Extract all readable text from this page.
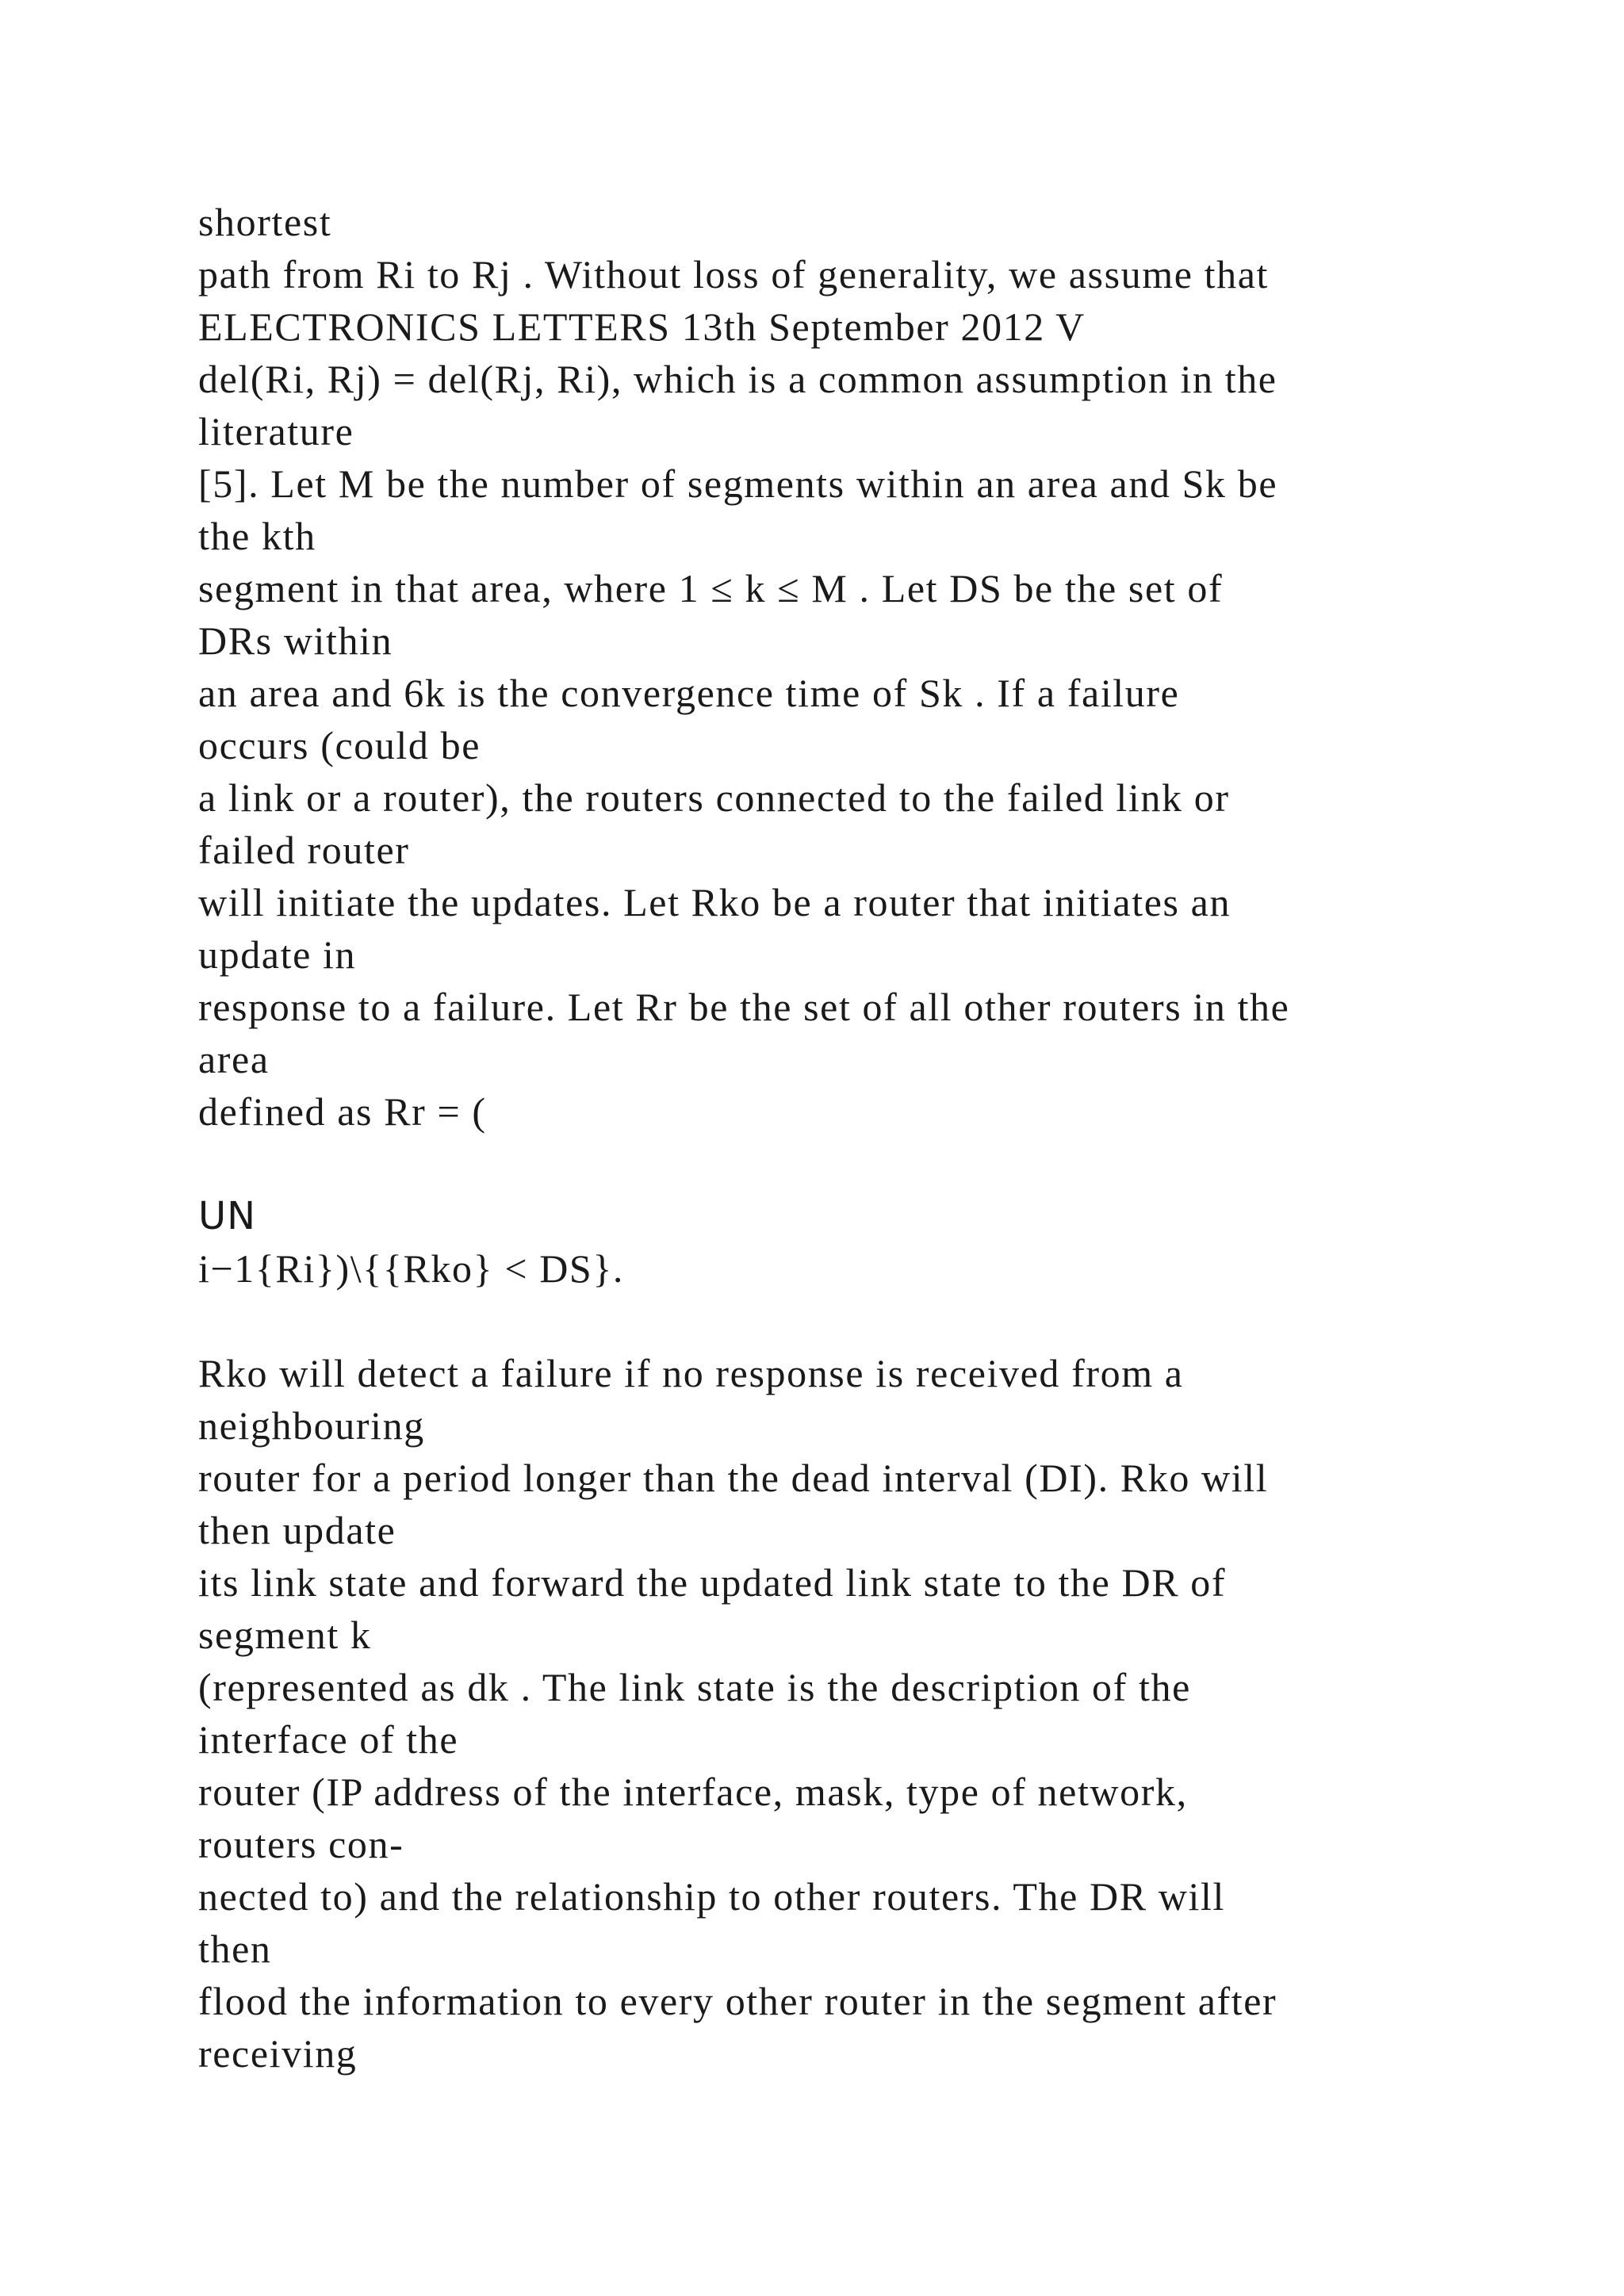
shortest
path from Ri to Rj . Without loss of generality, we assume that
ELECTRONICS LETTERS 13th September 2012 V
del(Ri, Rj) = del(Rj, Ri), which is a common assumption in the
literature
[5]. Let M be the number of segments within an area and Sk be
the kth
segment in that area, where 1 ≤ k ≤ M . Let DS be the set of
DRs within
an area and 6k is the convergence time of Sk . If a failure
occurs (could be
a link or a router), the routers connected to the failed link or
failed router
will initiate the updates. Let Rko be a router that initiates an
update in
response to a failure. Let Rr be the set of all other routers in the
area
defined as Rr = (
UN
i−1{Ri})\{{Rko} < DS}.
Rko will detect a failure if no response is received from a
neighbouring
router for a period longer than the dead interval (DI). Rko will
then update
its link state and forward the updated link state to the DR of
segment k
(represented as dk . The link state is the description of the
interface of the
router (IP address of the interface, mask, type of network,
routers con-
nected to) and the relationship to other routers. The DR will
then
flood the information to every other router in the segment after
receiving
